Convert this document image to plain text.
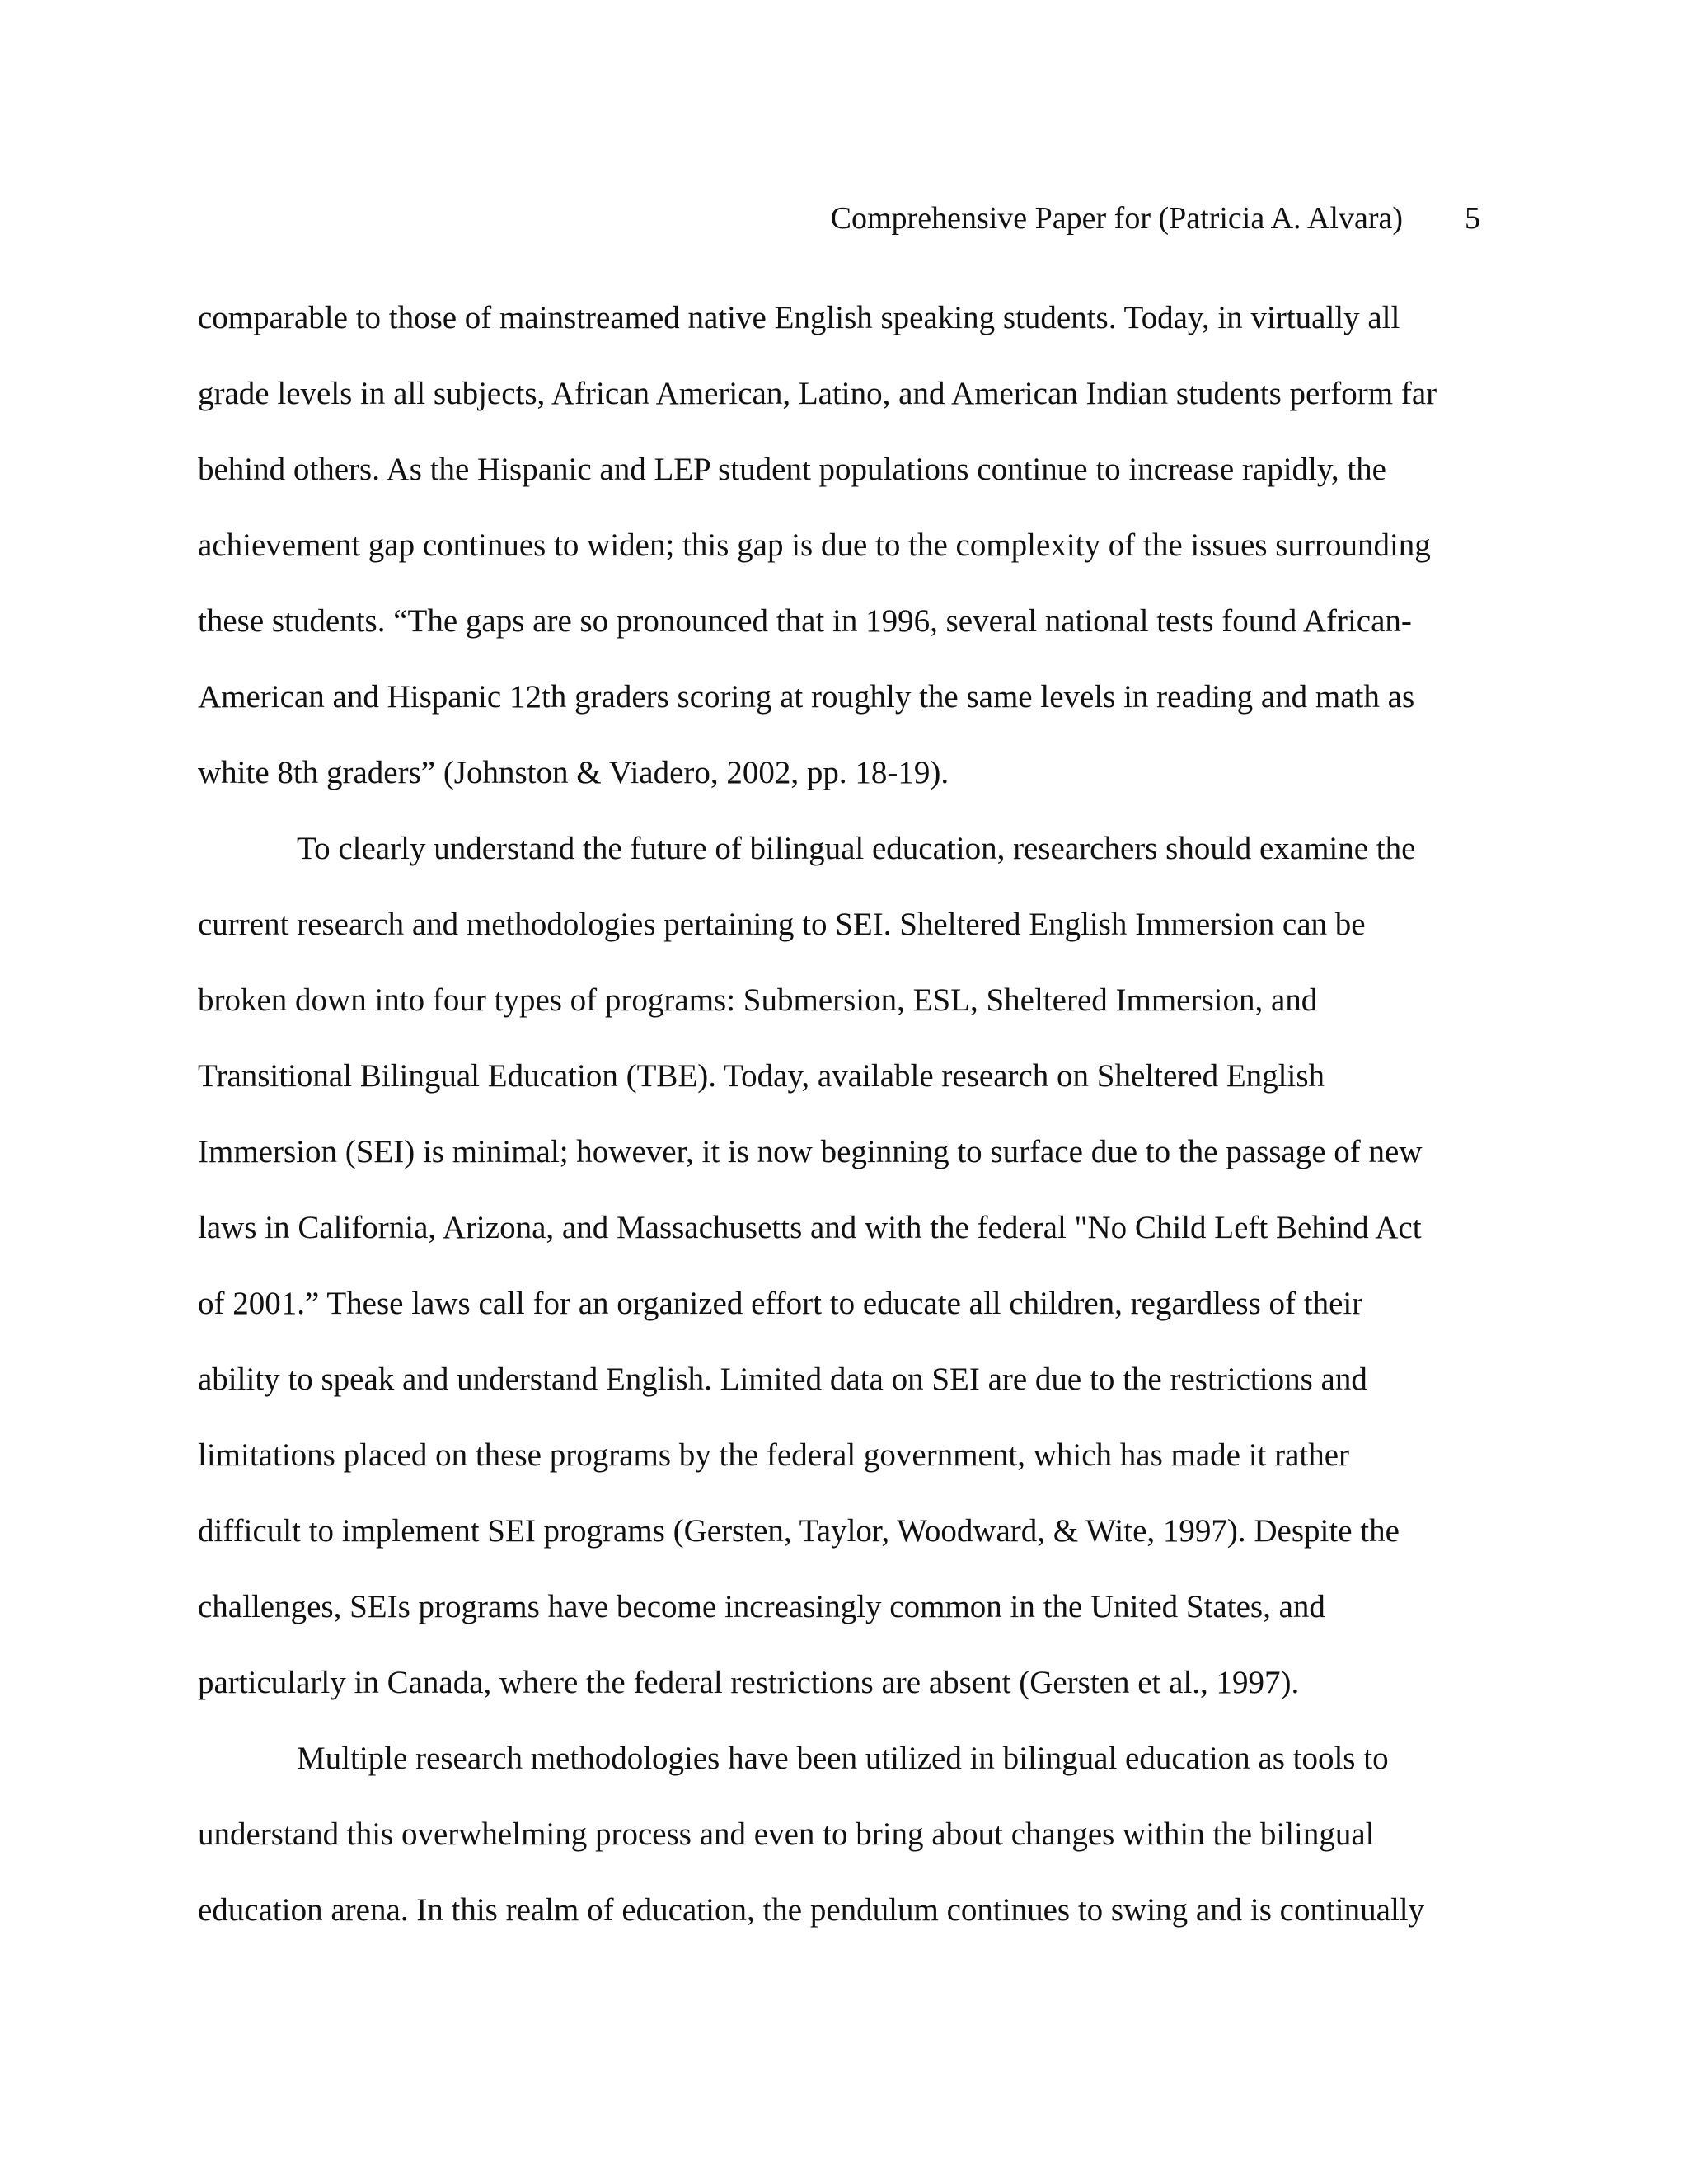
Comprehensive Paper for (Patricia A. Alvara) 5
comparable to those of mainstreamed native English speaking students. Today, in virtually all
grade levels in all subjects, African American, Latino, and American Indian students perform far
behind others. As the Hispanic and LEP student populations continue to increase rapidly, the
achievement gap continues to widen; this gap is due to the complexity of the issues surrounding
these students. “The gaps are so pronounced that in 1996, several national tests found African-
American and Hispanic 12th graders scoring at roughly the same levels in reading and math as
white 8th graders” (Johnston & Viadero, 2002, pp. 18-19).
To clearly understand the future of bilingual education, researchers should examine the
current research and methodologies pertaining to SEI. Sheltered English Immersion can be
broken down into four types of programs: Submersion, ESL, Sheltered Immersion, and
Transitional Bilingual Education (TBE). Today, available research on Sheltered English
Immersion (SEI) is minimal; however, it is now beginning to surface due to the passage of new
laws in California, Arizona, and Massachusetts and with the federal "No Child Left Behind Act
of 2001.” These laws call for an organized effort to educate all children, regardless of their
ability to speak and understand English. Limited data on SEI are due to the restrictions and
limitations placed on these programs by the federal government, which has made it rather
difficult to implement SEI programs (Gersten, Taylor, Woodward, & Wite, 1997). Despite the
challenges, SEIs programs have become increasingly common in the United States, and
particularly in Canada, where the federal restrictions are absent (Gersten et al., 1997).
Multiple research methodologies have been utilized in bilingual education as tools to
understand this overwhelming process and even to bring about changes within the bilingual
education arena. In this realm of education, the pendulum continues to swing and is continually
